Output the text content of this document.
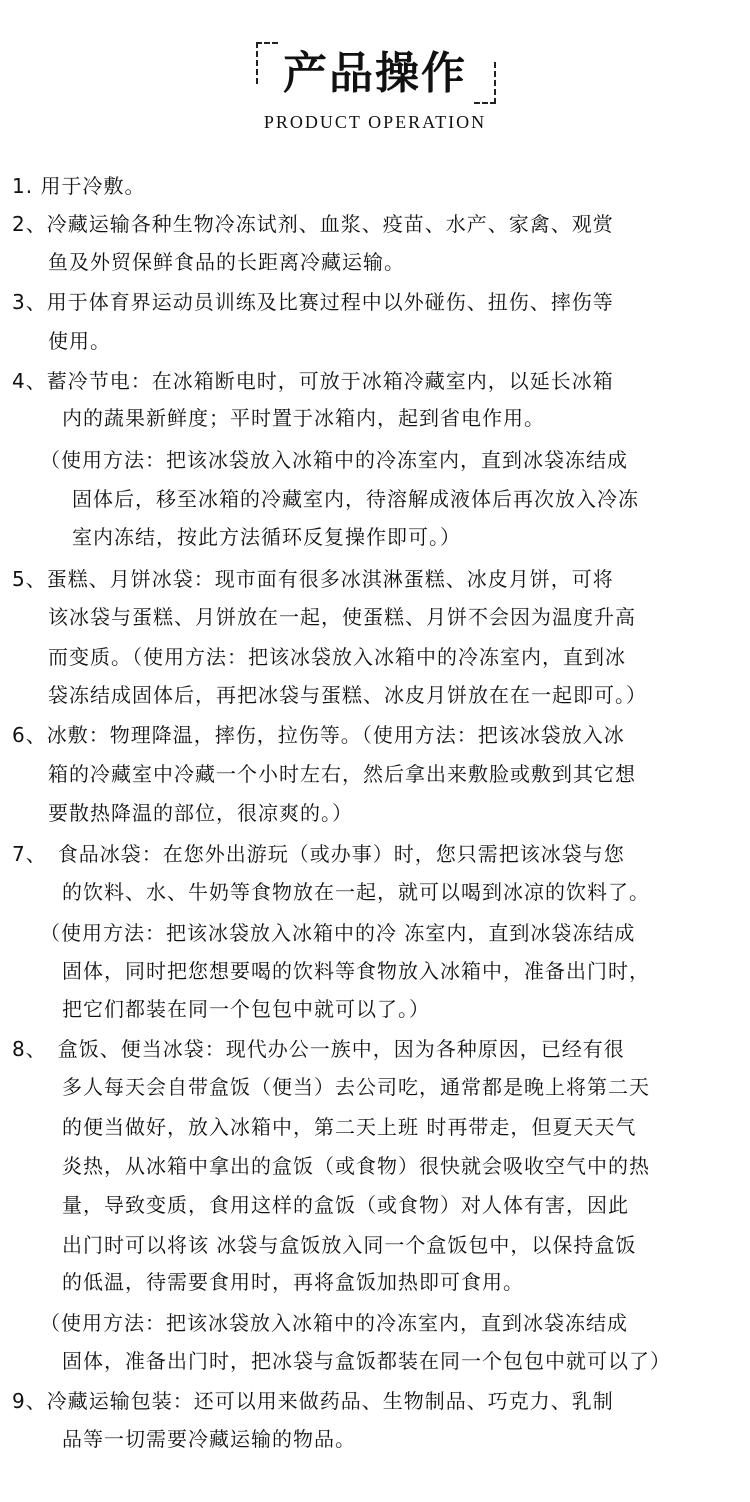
产品操作
PRODUCT OPERATION
1. 用于冷敷。
2、冷藏运输各种生物冷冻试剂、血浆、疫苗、水产、家禽、观赏
鱼及外贸保鲜食品的长距离冷藏运输。
3、用于体育界运动员训练及比赛过程中以外碰伤、扭伤、摔伤等
使用。
4、蓄冷节电：在冰箱断电时，可放于冰箱冷藏室内，以延长冰箱
内的蔬果新鲜度；平时置于冰箱内，起到省电作用。
（使用方法：把该冰袋放入冰箱中的冷冻室内，直到冰袋冻结成
固体后，移至冰箱的冷藏室内，待溶解成液体后再次放入冷冻
室内冻结，按此方法循环反复操作即可。）
5、蛋糕、月饼冰袋：现市面有很多冰淇淋蛋糕、冰皮月饼，可将
该冰袋与蛋糕、月饼放在一起，使蛋糕、月饼不会因为温度升高
而变质。（使用方法：把该冰袋放入冰箱中的冷冻室内，直到冰
袋冻结成固体后，再把冰袋与蛋糕、冰皮月饼放在在一起即可。）
6、冰敷：物理降温，摔伤，拉伤等。（使用方法：把该冰袋放入冰
箱的冷藏室中冷藏一个小时左右，然后拿出来敷脸或敷到其它想
要散热降温的部位，很凉爽的。）
7、　食品冰袋：在您外出游玩（或办事）时，您只需把该冰袋与您
的饮料、水、牛奶等食物放在一起，就可以喝到冰凉的饮料了。
（使用方法：把该冰袋放入冰箱中的冷 冻室内，直到冰袋冻结成
固体，同时把您想要喝的饮料等食物放入冰箱中，准备出门时，
把它们都装在同一个包包中就可以了。）
8、　盒饭、便当冰袋：现代办公一族中，因为各种原因，已经有很
多人每天会自带盒饭（便当）去公司吃，通常都是晚上将第二天
的便当做好，放入冰箱中，第二天上班 时再带走，但夏天天气
炎热，从冰箱中拿出的盒饭（或食物）很快就会吸收空气中的热
量，导致变质，食用这样的盒饭（或食物）对人体有害，因此
出门时可以将该 冰袋与盒饭放入同一个盒饭包中，以保持盒饭
的低温，待需要食用时，再将盒饭加热即可食用。
（使用方法：把该冰袋放入冰箱中的冷冻室内，直到冰袋冻结成
固体，准备出门时，把冰袋与盒饭都装在同一个包包中就可以了）
9、冷藏运输包装：还可以用来做药品、生物制品、巧克力、乳制
品等一切需要冷藏运输的物品。
